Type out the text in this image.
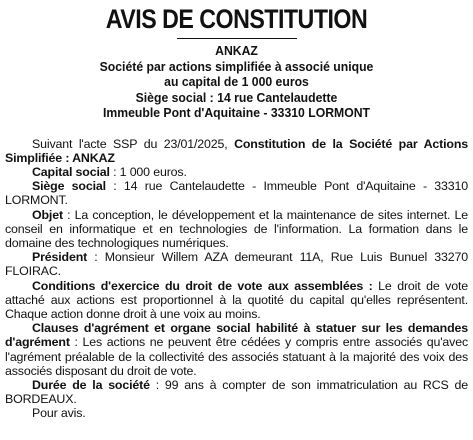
AVIS DE CONSTITUTION
ANKAZ
Société par actions simplifiée à associé unique
au capital de 1 000 euros
Siège social : 14 rue Cantelaudette
Immeuble Pont d'Aquitaine - 33310 LORMONT

Suivant l'acte SSP du 23/01/2025, Constitution de la Société par Actions Simplifiée : ANKAZ

Capital social : 1 000 euros.

Siège social : 14 rue Cantelaudette - Immeuble Pont d'Aquitaine - 33310 LORMONT.

Objet : La conception, le développement et la maintenance de sites internet. Le conseil en informatique et en technologies de l'information. La formation dans le domaine des technologiques numériques.

Président : Monsieur Willem AZA demeurant 11A, Rue Luis Bunuel 33270 FLOIRAC.

Conditions d'exercice du droit de vote aux assemblées : Le droit de vote attaché aux actions est proportionnel à la quotité du capital qu'elles représentent. Chaque action donne droit à une voix au moins.

Clauses d'agrément et organe social habilité à statuer sur les demandes d'agrément : Les actions ne peuvent être cédées y compris entre associés qu'avec l'agrément préalable de la collectivité des associés statuant à la majorité des voix des associés disposant du droit de vote.

Durée de la société : 99 ans à compter de son immatriculation au RCS de BORDEAUX.

Pour avis.
